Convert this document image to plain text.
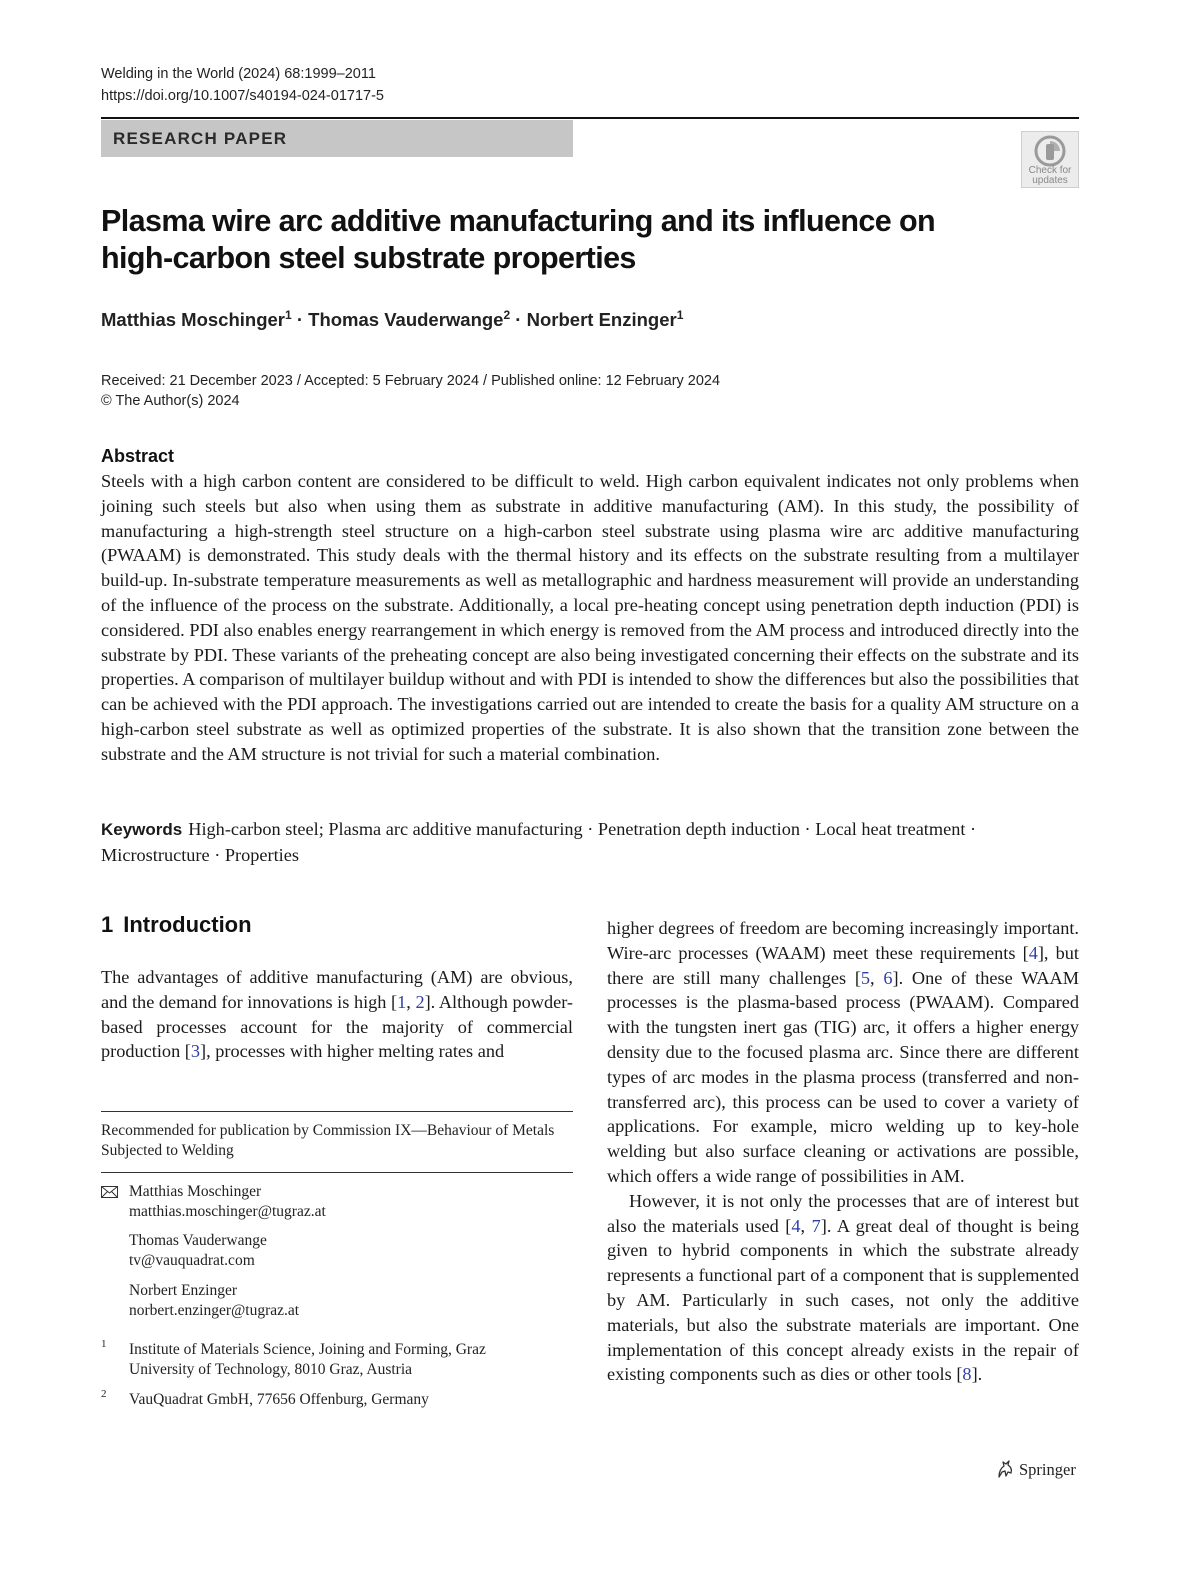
Welding in the World (2024) 68:1999–2011
https://doi.org/10.1007/s40194-024-01717-5
RESEARCH PAPER
Check for
updates
Plasma wire arc additive manufacturing and its influence on high-carbon steel substrate properties
Matthias Moschinger$^1$ · Thomas Vauderwange$^2$ · Norbert Enzinger$^1$
Received: 21 December 2023 / Accepted: 5 February 2024 / Published online: 12 February 2024
© The Author(s) 2024
Abstract
Steels with a high carbon content are considered to be difficult to weld. High carbon equivalent indicates not only problems when joining such steels but also when using them as substrate in additive manufacturing (AM). In this study, the possibility of manufacturing a high-strength steel structure on a high-carbon steel substrate using plasma wire arc additive manufacturing (PWAAM) is demonstrated. This study deals with the thermal history and its effects on the substrate resulting from a multilayer build-up. In-substrate temperature measurements as well as metallographic and hardness measurement will provide an understanding of the influence of the process on the substrate. Additionally, a local pre-heating concept using penetration depth induction (PDI) is considered. PDI also enables energy rearrangement in which energy is removed from the AM process and introduced directly into the substrate by PDI. These variants of the preheating concept are also being investigated concerning their effects on the substrate and its properties. A comparison of multilayer buildup without and with PDI is intended to show the differences but also the possibilities that can be achieved with the PDI approach. The investigations carried out are intended to create the basis for a quality AM structure on a high-carbon steel substrate as well as optimized properties of the substrate. It is also shown that the transition zone between the substrate and the AM structure is not trivial for such a material combination.
Keywords High-carbon steel; Plasma arc additive manufacturing · Penetration depth induction · Local heat treatment · Microstructure · Properties
1 Introduction

The advantages of additive manufacturing (AM) are obvious, and the demand for innovations is high [1, 2]. Although powder-based processes account for the majority of commercial production [3], processes with higher melting rates and

higher degrees of freedom are becoming increasingly important. Wire-arc processes (WAAM) meet these requirements [4], but there are still many challenges [5, 6]. One of these WAAM processes is the plasma-based process (PWAAM). Compared with the tungsten inert gas (TIG) arc, it offers a higher energy density due to the focused plasma arc. Since there are different types of arc modes in the plasma process (transferred and non-transferred arc), this process can be used to cover a variety of applications. For example, micro welding up to key-hole welding but also surface cleaning or activations are possible, which offers a wide range of possibilities in AM.

However, it is not only the processes that are of interest but also the materials used [4, 7]. A great deal of thought is being given to hybrid components in which the substrate already represents a functional part of a component that is supplemented by AM. Particularly in such cases, not only the additive materials, but also the substrate materials are important. One implementation of this concept already exists in the repair of existing components such as dies or other tools [8].

Recommended for publication by Commission IX—Behaviour of Metals Subjected to Welding
Matthias Moschinger
matthias.moschinger@tugraz.at
Thomas Vauderwange
tv@vauquadrat.com
Norbert Enzinger
norbert.enzinger@tugraz.at
1 Institute of Materials Science, Joining and Forming, Graz University of Technology, 8010 Graz, Austria
2 VauQuadrat GmbH, 77656 Offenburg, Germany
Springer
